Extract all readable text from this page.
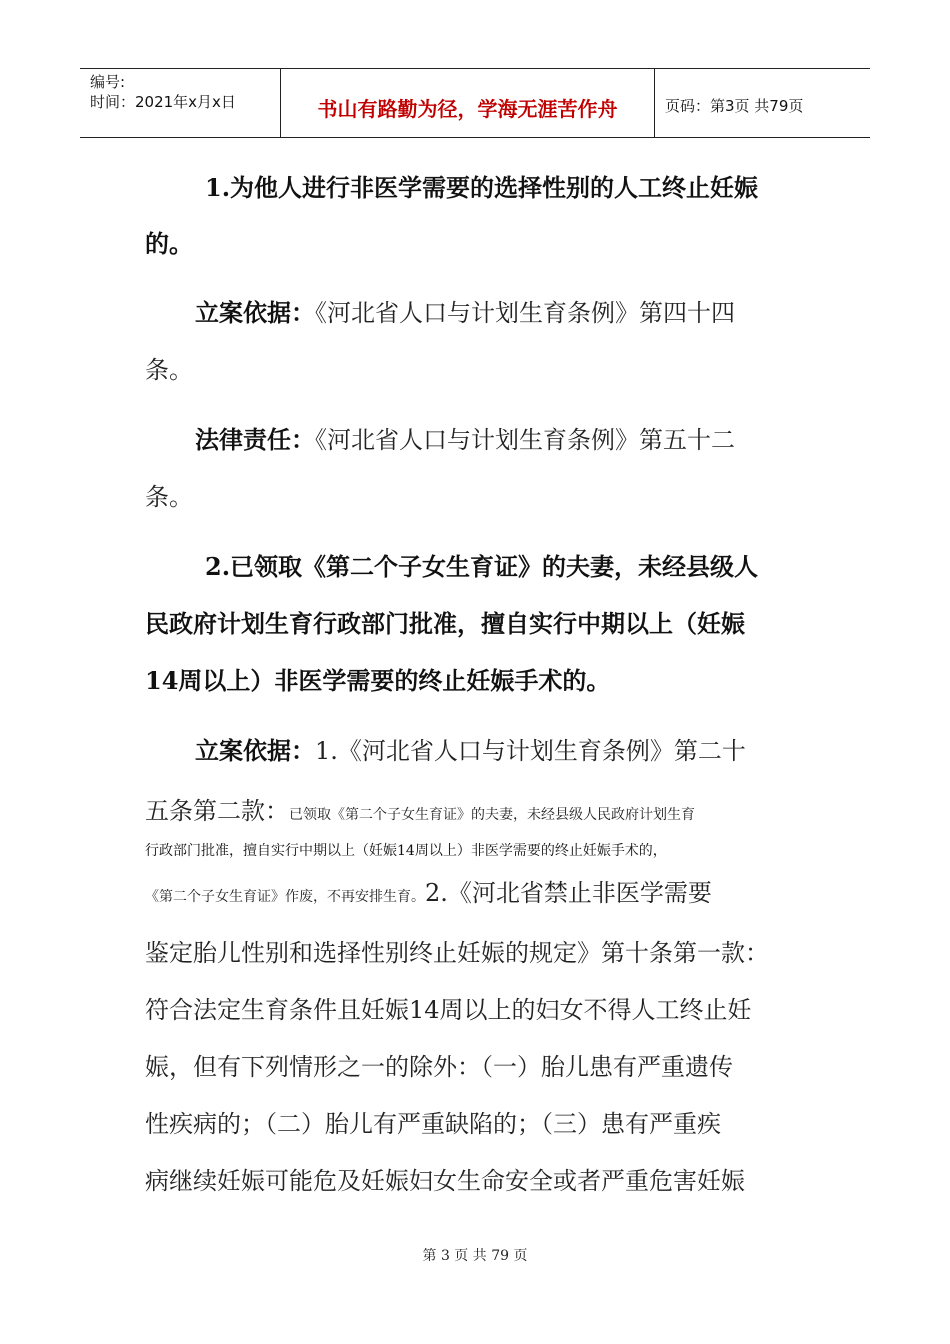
编号:
时间：2021年x月x日	书山有路勤为径，学海无涯苦作舟	页码：第3页 共79页
1.为他人进行非医学需要的选择性别的人工终止妊娠
的。
立案依据：《河北省人口与计划生育条例》第四十四
条。
法律责任：《河北省人口与计划生育条例》第五十二
条。
2.已领取《第二个子女生育证》的夫妻，未经县级人
民政府计划生育行政部门批准，擅自实行中期以上（妊娠
14周以上）非医学需要的终止妊娠手术的。
立案依据：1.《河北省人口与计划生育条例》第二十
五条第二款：已领取《第二个子女生育证》的夫妻，未经县级人民政府计划生育
行政部门批准，擅自实行中期以上（妊娠14周以上）非医学需要的终止妊娠手术的，
《第二个子女生育证》作废，不再安排生育。2.《河北省禁止非医学需要
鉴定胎儿性别和选择性别终止妊娠的规定》第十条第一款：
符合法定生育条件且妊娠14周以上的妇女不得人工终止妊
娠，但有下列情形之一的除外：（一）胎儿患有严重遗传
性疾病的；（二）胎儿有严重缺陷的；（三）患有严重疾
病继续妊娠可能危及妊娠妇女生命安全或者严重危害妊娠
第 3 页 共 79 页
